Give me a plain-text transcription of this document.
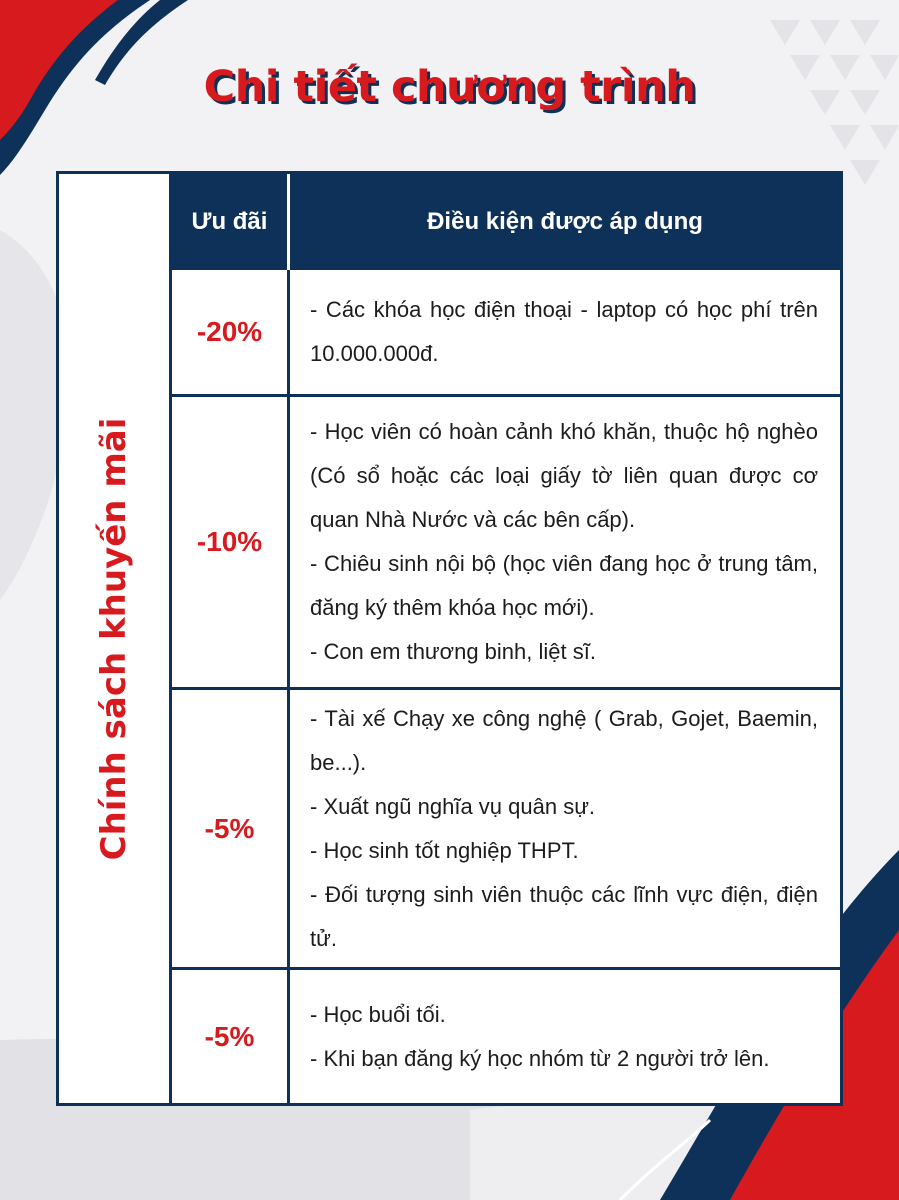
Chi tiết chương trình
Chính sách khuyến mãi
Ưu đãi	Điều kiện được áp dụng
-20%
- Các khóa học điện thoại - laptop có học phí trên 10.000.000đ.
-10%
- Học viên có hoàn cảnh khó khăn, thuộc hộ nghèo (Có sổ hoặc các loại giấy tờ liên quan được cơ quan Nhà Nước và các bên cấp).
- Chiêu sinh nội bộ (học viên đang học ở trung tâm, đăng ký thêm khóa học mới).
- Con em thương binh, liệt sĩ.
-5%
- Tài xế Chạy xe công nghệ ( Grab, Gojet, Baemin, be...).
- Xuất ngũ nghĩa vụ quân sự.
- Học sinh tốt nghiệp THPT.
- Đối tượng sinh viên thuộc các lĩnh vực điện, điện tử.
-5%
- Học buổi tối.
- Khi bạn đăng ký học nhóm từ 2 người trở lên.
